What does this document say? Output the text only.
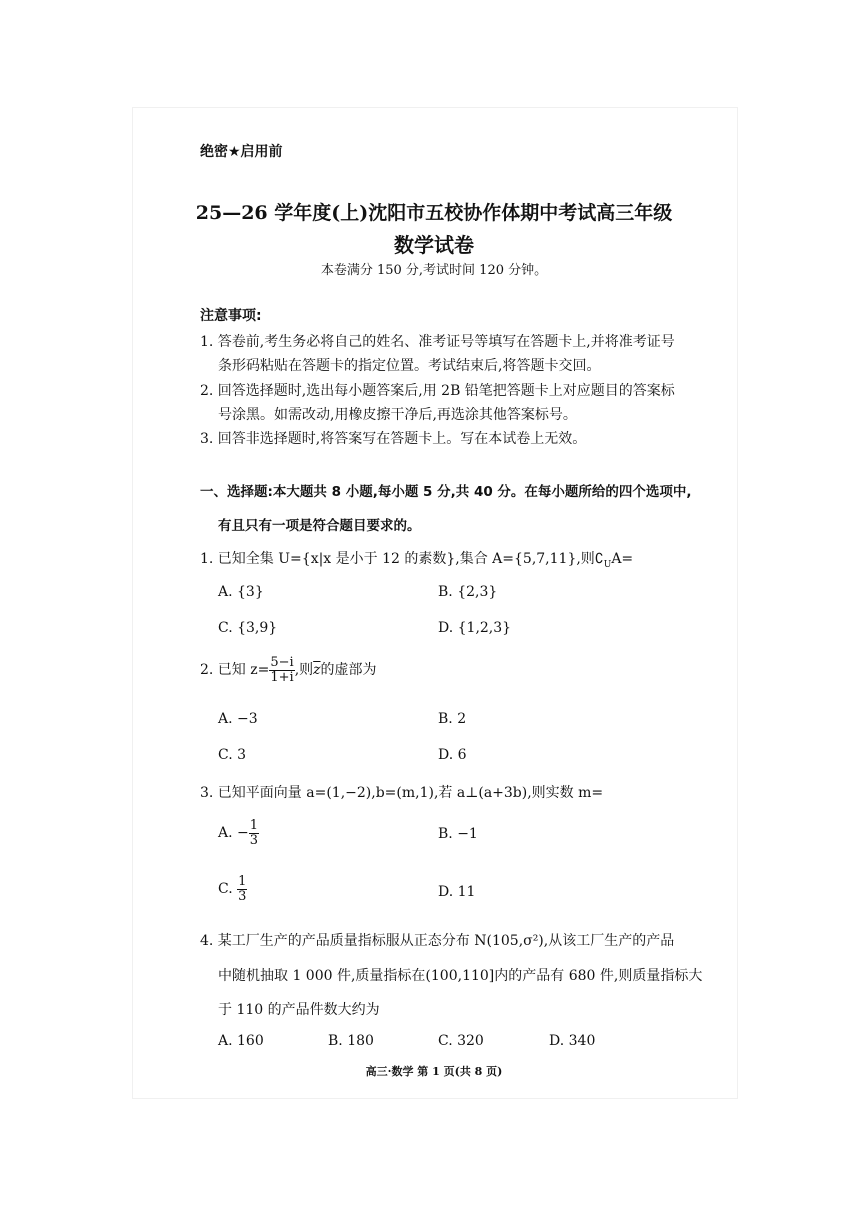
绝密★启用前
25—26 学年度(上)沈阳市五校协作体期中考试高三年级
数学试卷
本卷满分 150 分,考试时间 120 分钟。
注意事项:
1. 答卷前,考生务必将自己的姓名、准考证号等填写在答题卡上,并将准考证号
条形码粘贴在答题卡的指定位置。考试结束后,将答题卡交回。
2. 回答选择题时,选出每小题答案后,用 2B 铅笔把答题卡上对应题目的答案标
号涂黑。如需改动,用橡皮擦干净后,再选涂其他答案标号。
3. 回答非选择题时,将答案写在答题卡上。写在本试卷上无效。
一、选择题:本大题共 8 小题,每小题 5 分,共 40 分。在每小题所给的四个选项中,
有且只有一项是符合题目要求的。
1. 已知全集 U={x|x 是小于 12 的素数},集合 A={5,7,11},则$∁_UA=$
A. {3}	B. {2,3}
C. {3,9}	D. {1,2,3}
2. 已知 $z= \frac{5-i}{1+i}$ ,则$\overline{z}$的虚部为
A. −3	B. 2
C. 3	D. 6
3. 已知平面向量 a=(1,−2),b=(m,1),若 a⊥(a+3b),则实数 m=
A. − $\frac{1}{3}$	B. −1
C. $\frac{1}{3}$	D. 11
4. 某工厂生产的产品质量指标服从正态分布 N(105,σ²),从该工厂生产的产品
中随机抽取 1 000 件,质量指标在(100,110]内的产品有 680 件,则质量指标大
于 110 的产品件数大约为
A. 160	B. 180	C. 320	D. 340
高三·数学 第 1 页(共 8 页)
